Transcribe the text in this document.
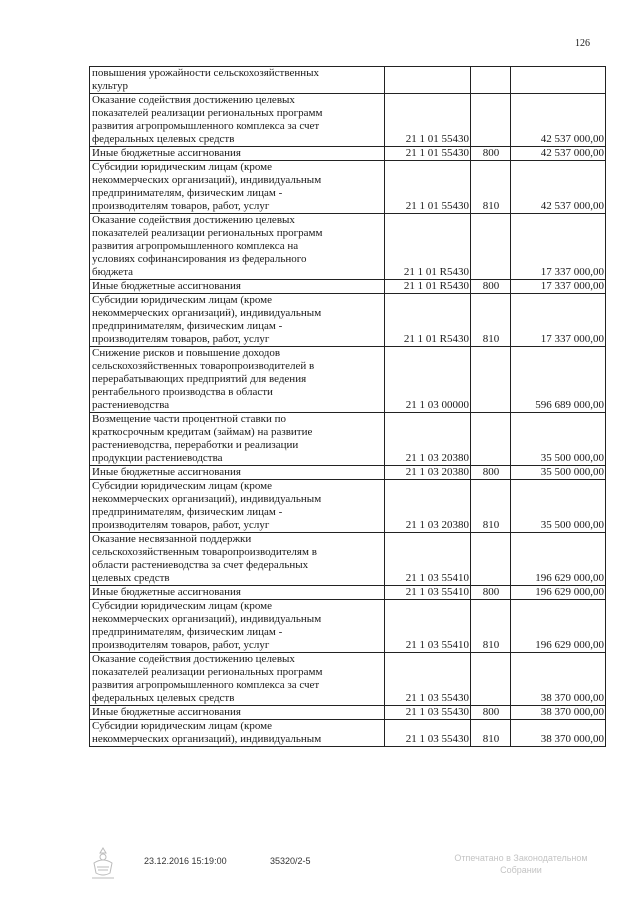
126
повышения урожайности сельскохозяйственных
культур			

Оказание содействия достижению целевых
показателей реализации региональных программ
развития агропромышленного комплекса за счет
федеральных целевых средств	21 1 01 55430		42 537 000,00

Иные бюджетные ассигнования	21 1 01 55430	800	42 537 000,00

Субсидии юридическим лицам (кроме
некоммерческих организаций), индивидуальным
предпринимателям, физическим лицам -
производителям товаров, работ, услуг	21 1 01 55430	810	42 537 000,00

Оказание содействия достижению целевых
показателей реализации региональных программ
развития агропромышленного комплекса на
условиях софинансирования из федерального
бюджета	21 1 01 R5430		17 337 000,00

Иные бюджетные ассигнования	21 1 01 R5430	800	17 337 000,00

Субсидии юридическим лицам (кроме
некоммерческих организаций), индивидуальным
предпринимателям, физическим лицам -
производителям товаров, работ, услуг	21 1 01 R5430	810	17 337 000,00

Снижение рисков и повышение доходов
сельскохозяйственных товаропроизводителей в
перерабатывающих предприятий для ведения
рентабельного производства в области
растениеводства	21 1 03 00000		596 689 000,00

Возмещение части процентной ставки по
краткосрочным кредитам (займам) на развитие
растениеводства, переработки и реализации
продукции растениеводства	21 1 03 20380		35 500 000,00

Иные бюджетные ассигнования	21 1 03 20380	800	35 500 000,00

Субсидии юридическим лицам (кроме
некоммерческих организаций), индивидуальным
предпринимателям, физическим лицам -
производителям товаров, работ, услуг	21 1 03 20380	810	35 500 000,00

Оказание несвязанной поддержки
сельскохозяйственным товаропроизводителям в
области растениеводства за счет федеральных
целевых средств	21 1 03 55410		196 629 000,00

Иные бюджетные ассигнования	21 1 03 55410	800	196 629 000,00

Субсидии юридическим лицам (кроме
некоммерческих организаций), индивидуальным
предпринимателям, физическим лицам -
производителям товаров, работ, услуг	21 1 03 55410	810	196 629 000,00

Оказание содействия достижению целевых
показателей реализации региональных программ
развития агропромышленного комплекса за счет
федеральных целевых средств	21 1 03 55430		38 370 000,00

Иные бюджетные ассигнования	21 1 03 55430	800	38 370 000,00

Субсидии юридическим лицам (кроме
некоммерческих организаций), индивидуальным	21 1 03 55430	810	38 370 000,00
23.12.2016 15:19:00	35320/2-5	Отпечатано в Законодательном
Собрании
